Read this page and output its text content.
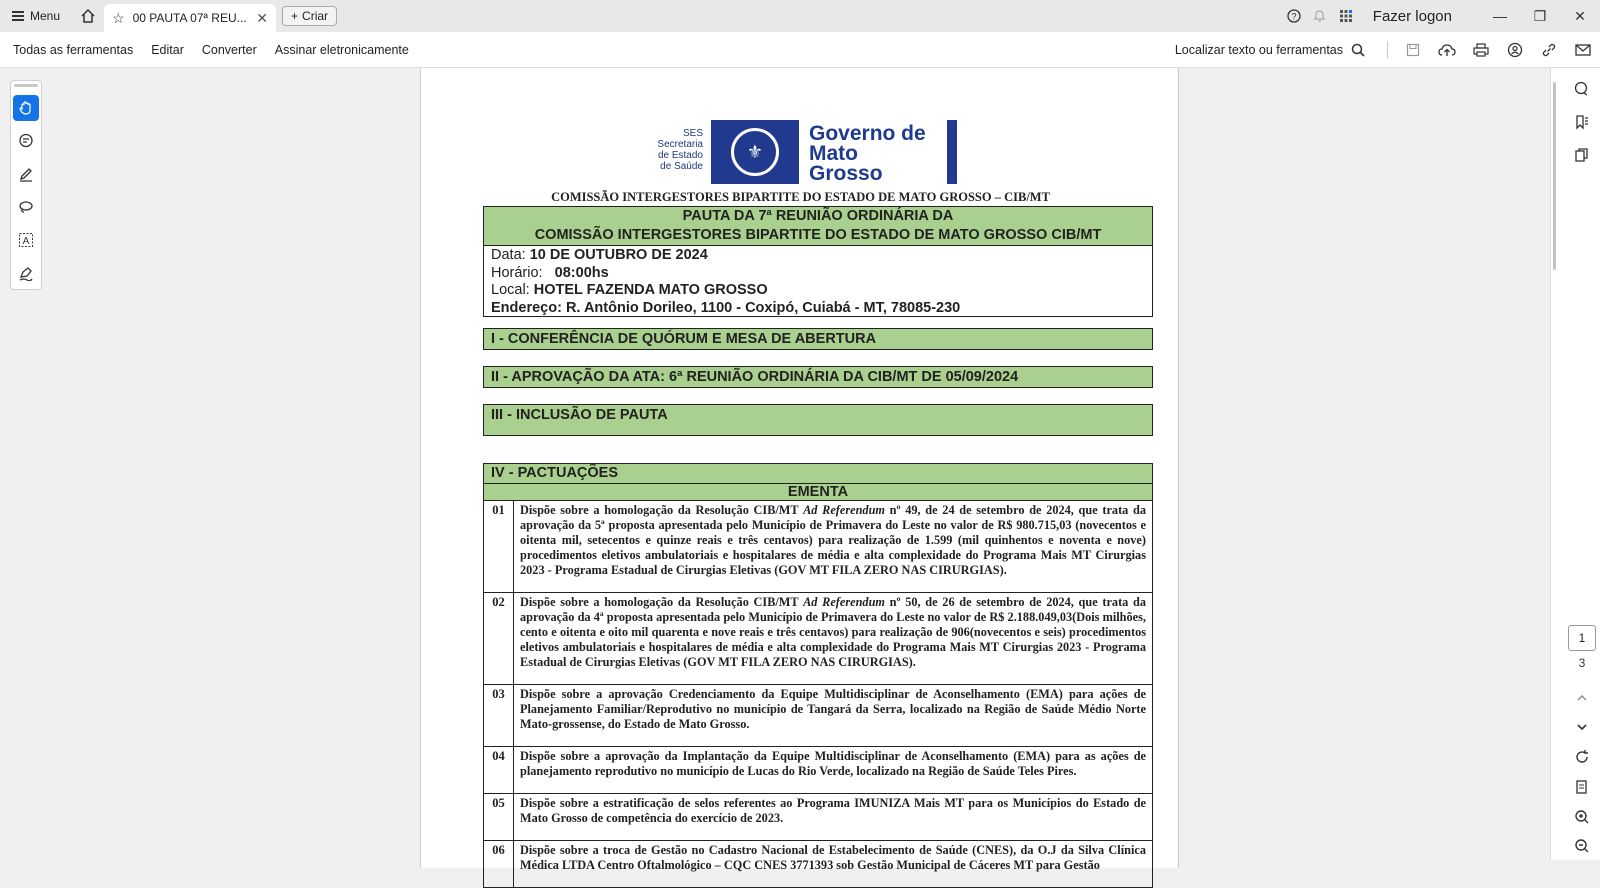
Menu	☆ 00 PAUTA 07ª REU... ✕ + Criar	?	Fazer logon	—	❐	✕
Todas as ferramentas	Editar	Converter	Assinar eletronicamente	Localizar texto ou ferramentas
SES
Secretaria
de Estado
de Saúde
⚜
Governo de
Mato
Grosso
COMISSÃO INTERGESTORES BIPARTITE DO ESTADO DE MATO GROSSO – CIB/MT
PAUTA DA 7ª REUNIÃO ORDINÁRIA DA
COMISSÃO INTERGESTORES BIPARTITE DO ESTADO DE MATO GROSSO CIB/MT
Data: 10 DE OUTUBRO DE 2024
Horário: 08:00hs
Local: HOTEL FAZENDA MATO GROSSO
Endereço: R. Antônio Dorileo, 1100 - Coxipó, Cuiabá - MT, 78085-230
I - CONFERÊNCIA DE QUÓRUM E MESA DE ABERTURA
II - APROVAÇÃO DA ATA: 6ª REUNIÃO ORDINÁRIA DA CIB/MT DE 05/09/2024
III - INCLUSÃO DE PAUTA
IV - PACTUAÇÕES
EMENTA
01	Dispõe sobre a homologação da Resolução CIB/MT Ad Referendum nº 49, de 24 de setembro de 2024, que trata da aprovação da 5ª proposta apresentada pelo Município de Primavera do Leste no valor de R$ 980.715,03 (novecentos e oitenta mil, setecentos e quinze reais e três centavos) para realização de 1.599 (mil quinhentos e noventa e nove) procedimentos eletivos ambulatoriais e hospitalares de média e alta complexidade do Programa Mais MT Cirurgias 2023 - Programa Estadual de Cirurgias Eletivas (GOV MT FILA ZERO NAS CIRURGIAS).
02	Dispõe sobre a homologação da Resolução CIB/MT Ad Referendum nº 50, de 26 de setembro de 2024, que trata da aprovação da 4ª proposta apresentada pelo Município de Primavera do Leste no valor de R$ 2.188.049,03(Dois milhões, cento e oitenta e oito mil quarenta e nove reais e três centavos) para realização de 906(novecentos e seis) procedimentos eletivos ambulatoriais e hospitalares de média e alta complexidade do Programa Mais MT Cirurgias 2023 - Programa Estadual de Cirurgias Eletivas (GOV MT FILA ZERO NAS CIRURGIAS).
03	Dispõe sobre a aprovação Credenciamento da Equipe Multidisciplinar de Aconselhamento (EMA) para ações de Planejamento Familiar/Reprodutivo no município de Tangará da Serra, localizado na Região de Saúde Médio Norte Mato-grossense, do Estado de Mato Grosso.
04	Dispõe sobre a aprovação da Implantação da Equipe Multidisciplinar de Aconselhamento (EMA) para as ações de planejamento reprodutivo no município de Lucas do Rio Verde, localizado na Região de Saúde Teles Pires.
05	Dispõe sobre a estratificação de selos referentes ao Programa IMUNIZA Mais MT para os Municípios do Estado de Mato Grosso de competência do exercício de 2023.
06	Dispõe sobre a troca de Gestão no Cadastro Nacional de Estabelecimento de Saúde (CNES), da O.J da Silva Clínica Médica LTDA Centro Oftalmológico – CQC CNES 3771393 sob Gestão Municipal de Cáceres MT para Gestão
A
1
3
